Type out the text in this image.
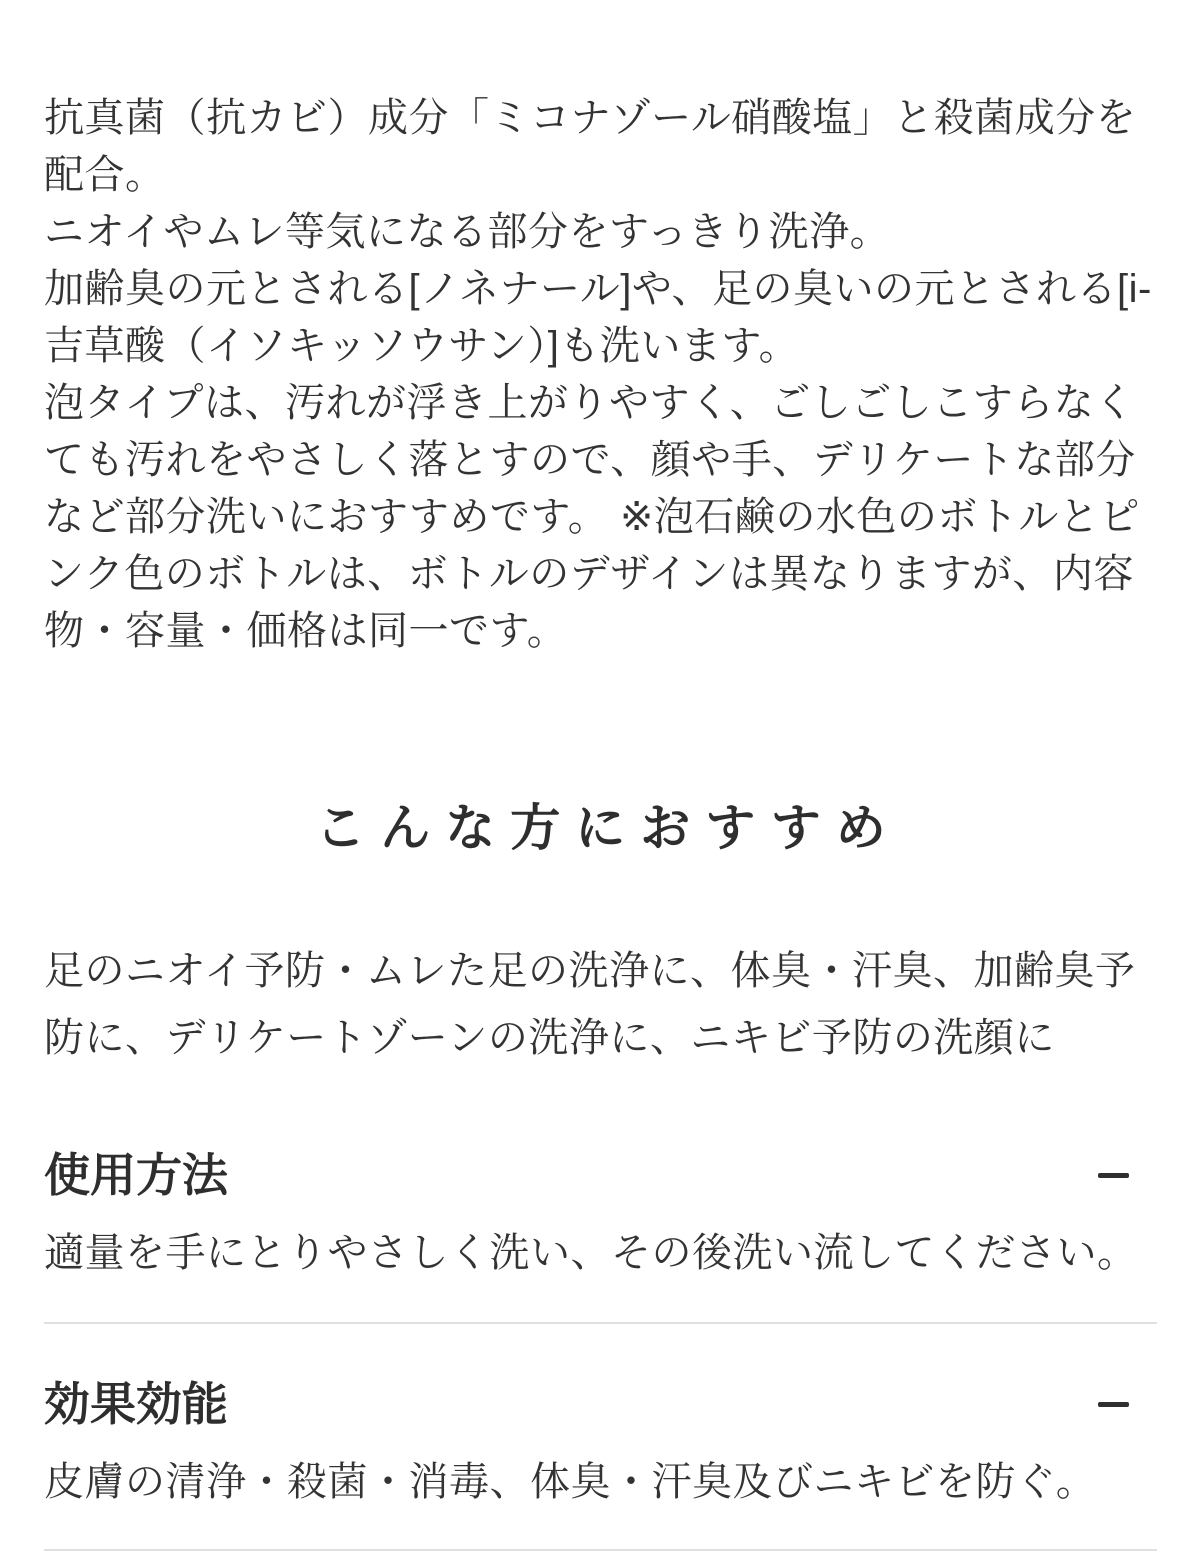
抗真菌（抗カビ）成分「ミコナゾール硝酸塩」と殺菌成分を配合。
ニオイやムレ等気になる部分をすっきり洗浄。
加齢臭の元とされる[ノネナール]や、足の臭いの元とされる[i-吉草酸（イソキッソウサン）]も洗います。
泡タイプは、汚れが浮き上がりやすく、ごしごしこすらなくても汚れをやさしく落とすので、顔や手、デリケートな部分など部分洗いにおすすめです。 ※泡石鹸の水色のボトルとピンク色のボトルは、ボトルのデザインは異なりますが、内容物・容量・価格は同一です。
こんな方におすすめ

足のニオイ予防・ムレた足の洗浄に、体臭・汗臭、加齢臭予防に、デリケートゾーンの洗浄に、ニキビ予防の洗顔に

使用方法

適量を手にとりやさしく洗い、その後洗い流してください。

効果効能

皮膚の清浄・殺菌・消毒、体臭・汗臭及びニキビを防ぐ。
